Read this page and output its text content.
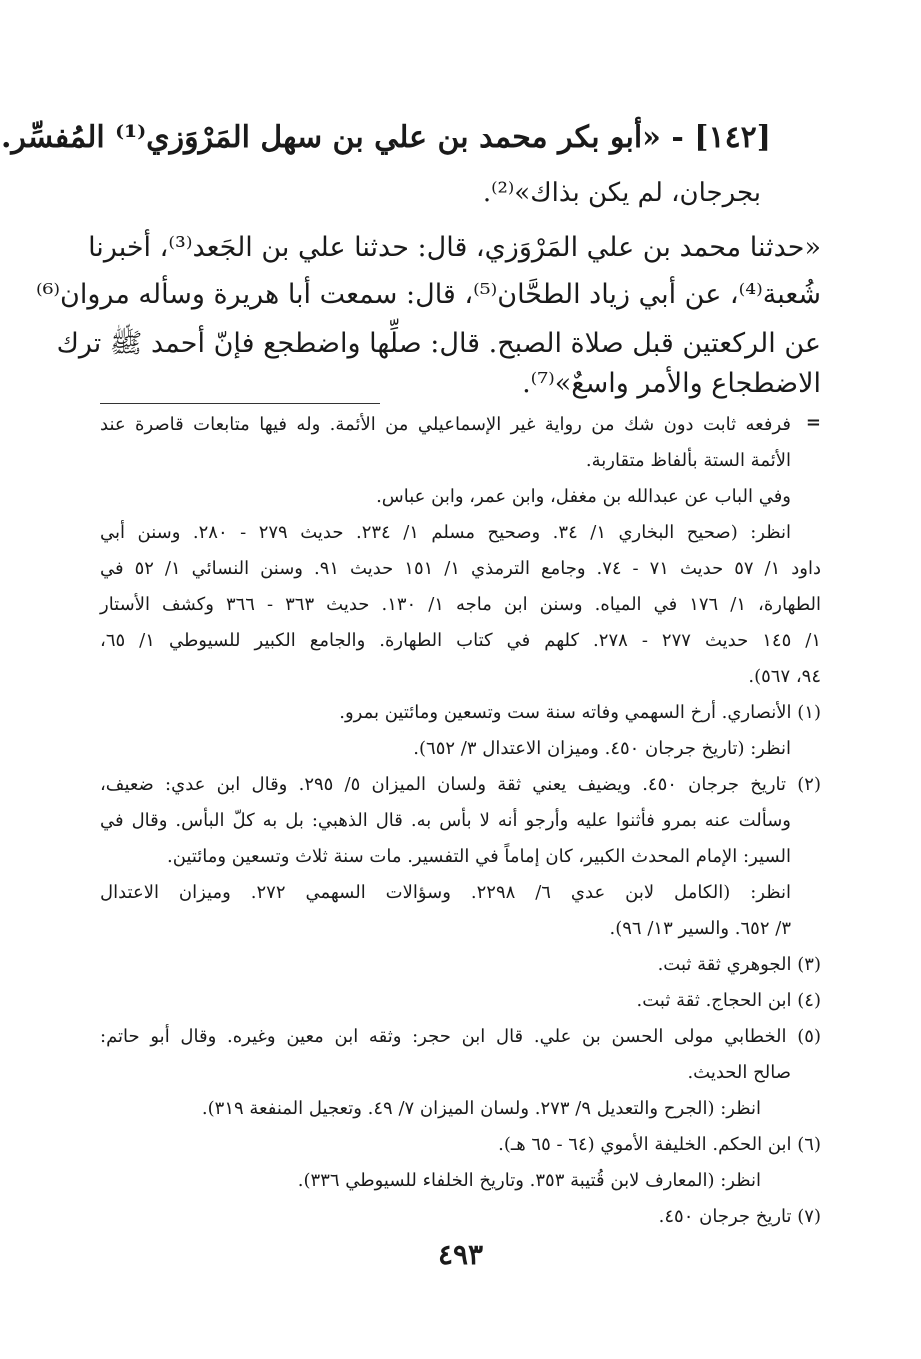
[١٤٢] - «أبو بكر محمد بن علي بن سهل المَرْوَزي⁽¹⁾ المُفسِّر.
بجرجان، لم يكن بذاك»⁽²⁾.
«حدثنا محمد بن علي المَرْوَزي، قال: حدثنا علي بن الجَعد⁽³⁾، أخبرنا
شُعبة⁽⁴⁾، عن أبي زياد الطحَّان⁽⁵⁾، قال: سمعت أبا هريرة وسأله مروان⁽⁶⁾
عن الركعتين قبل صلاة الصبح. قال: صلِّها واضطجع فإنّ أحمد ﷺ ترك
الاضطجاع والأمر واسعٌ»⁽⁷⁾.
=
فرفعه ثابت دون شك من رواية غير الإسماعيلي من الأئمة. وله فيها متابعات قاصرة عند
الأئمة الستة بألفاظ متقاربة.
وفي الباب عن عبدالله بن مغفل، وابن عمر، وابن عباس.
انظر: (صحيح البخاري ١/ ٣٤. وصحيح مسلم ١/ ٢٣٤. حديث ٢٧٩ - ٢٨٠. وسنن أبي
داود ١/ ٥٧ حديث ٧١ - ٧٤. وجامع الترمذي ١/ ١٥١ حديث ٩١. وسنن النسائي ١/ ٥٢ في
الطهارة، ١/ ١٧٦ في المياه. وسنن ابن ماجه ١/ ١٣٠. حديث ٣٦٣ - ٣٦٦ وكشف الأستار
١/ ١٤٥ حديث ٢٧٧ - ٢٧٨. كلهم في كتاب الطهارة. والجامع الكبير للسيوطي ١/ ٦٥،
٩٤، ٥٦٧).
(١) الأنصاري. أرخ السهمي وفاته سنة ست وتسعين ومائتين بمرو.
انظر: (تاريخ جرجان ٤٥٠. وميزان الاعتدال ٣/ ٦٥٢).
(٢) تاريخ جرجان ٤٥٠. ويضيف يعني ثقة ولسان الميزان ٥/ ٢٩٥. وقال ابن عدي: ضعيف،
وسألت عنه بمرو فأثنوا عليه وأرجو أنه لا بأس به. قال الذهبي: بل به كلّ البأس. وقال في
السير: الإمام المحدث الكبير، كان إماماً في التفسير. مات سنة ثلاث وتسعين ومائتين.
انظر: (الكامل لابن عدي ٦/ ٢٢٩٨. وسؤالات السهمي ٢٧٢. وميزان الاعتدال
٣/ ٦٥٢. والسير ١٣/ ٩٦).
(٣) الجوهري ثقة ثبت.
(٤) ابن الحجاج. ثقة ثبت.
(٥) الخطابي مولى الحسن بن علي. قال ابن حجر: وثقه ابن معين وغيره. وقال أبو حاتم:
صالح الحديث.
انظر: (الجرح والتعديل ٩/ ٢٧٣. ولسان الميزان ٧/ ٤٩. وتعجيل المنفعة ٣١٩).
(٦) ابن الحكم. الخليفة الأموي (٦٤ - ٦٥ هـ).
انظر: (المعارف لابن قُتيبة ٣٥٣. وتاريخ الخلفاء للسيوطي ٣٣٦).
(٧) تاريخ جرجان ٤٥٠.
٤٩٣
